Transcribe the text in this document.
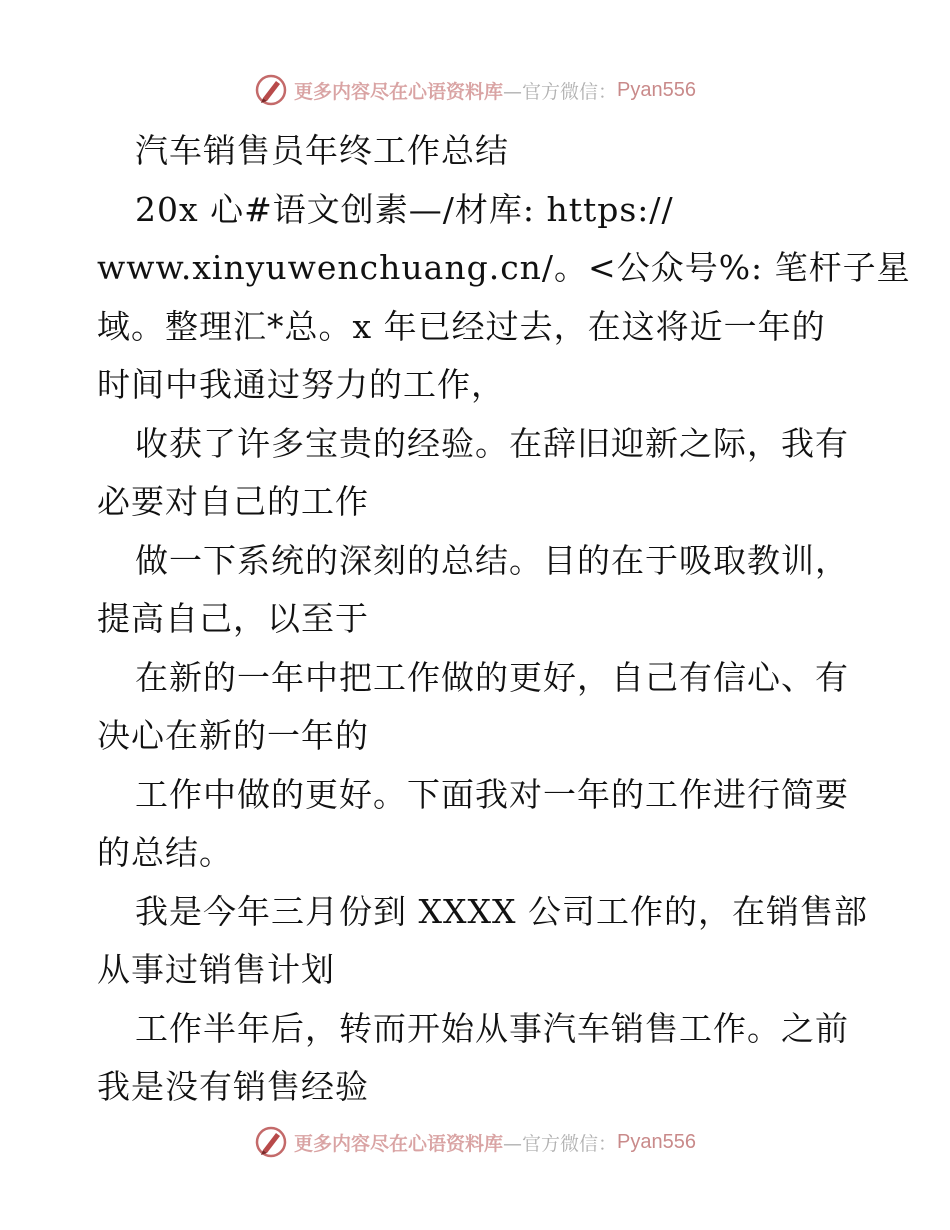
更多内容尽在心语资料库 —官方微信： Pyan556
汽车销售员年终工作总结
20x 心#语文创素—/材库: https://
www.xinyuwenchuang.cn/。<公众号%: 笔杆子星
域。整理汇*总。x 年已经过去，在这将近一年的
时间中我通过努力的工作，
收获了许多宝贵的经验。在辞旧迎新之际，我有
必要对自己的工作
做一下系统的深刻的总结。目的在于吸取教训，
提高自己，以至于
在新的一年中把工作做的更好，自己有信心、有
决心在新的一年的
工作中做的更好。下面我对一年的工作进行简要
的总结。
我是今年三月份到 XXXX 公司工作的，在销售部
从事过销售计划
工作半年后，转而开始从事汽车销售工作。之前
我是没有销售经验
更多内容尽在心语资料库 —官方微信： Pyan556
